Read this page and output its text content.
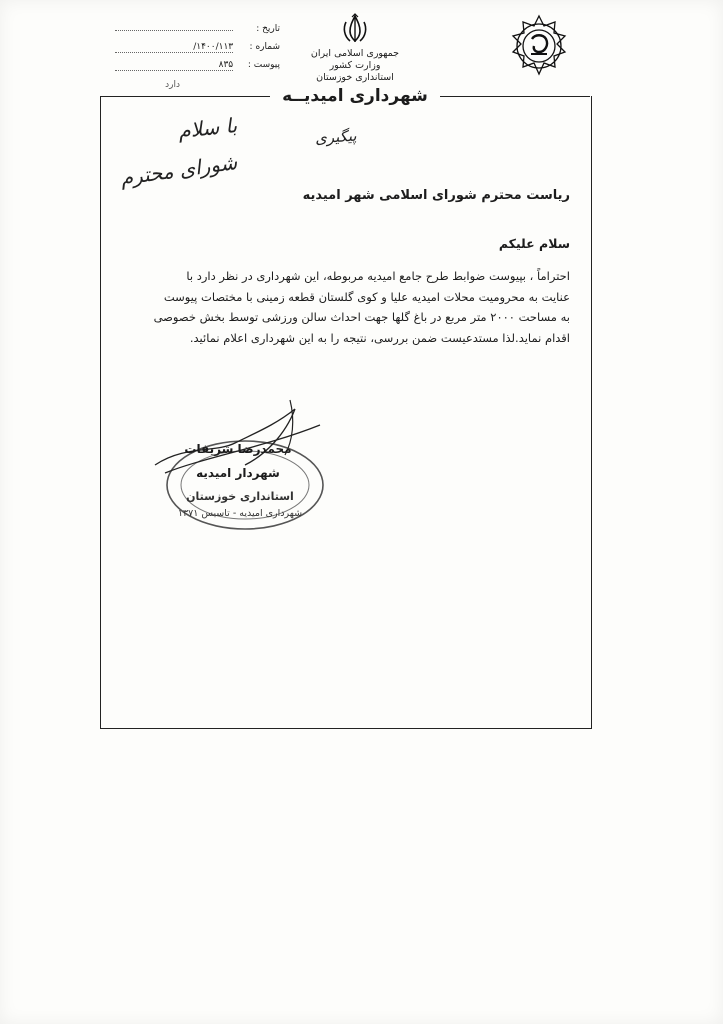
تاریخ :
شماره : ۱۴۰۰/۱۱۳/
پیوست : ۸۳۵
دارد
جمهوری اسلامی ایران
وزارت کشور
استانداری خوزستان
شهرداری امیدیــه
با سلام
شورای محترم
پیگیری
ریاست محترم شورای اسلامی شهر امیدیه
سلام علیکم
احتراماً ، بپیوست ضوابط طرح جامع امیدیه مربوطه، این شهرداری در نظر دارد با
عنایت به محرومیت محلات امیدیه علیا و کوی گلستان قطعه زمینی با مختصات پیوست
به مساحت ۲۰۰۰ متر مربع در باغ گلها جهت احداث سالن ورزشی توسط بخش خصوصی
اقدام نماید.لذا مستدعیست ضمن بررسی، نتیجه را به این شهرداری اعلام نمائید.
محمدرضا شریفات
شهردار امیدیه
استانداری خوزستان
شهرداری امیدیه - تاسیس ۱۳۷۱
